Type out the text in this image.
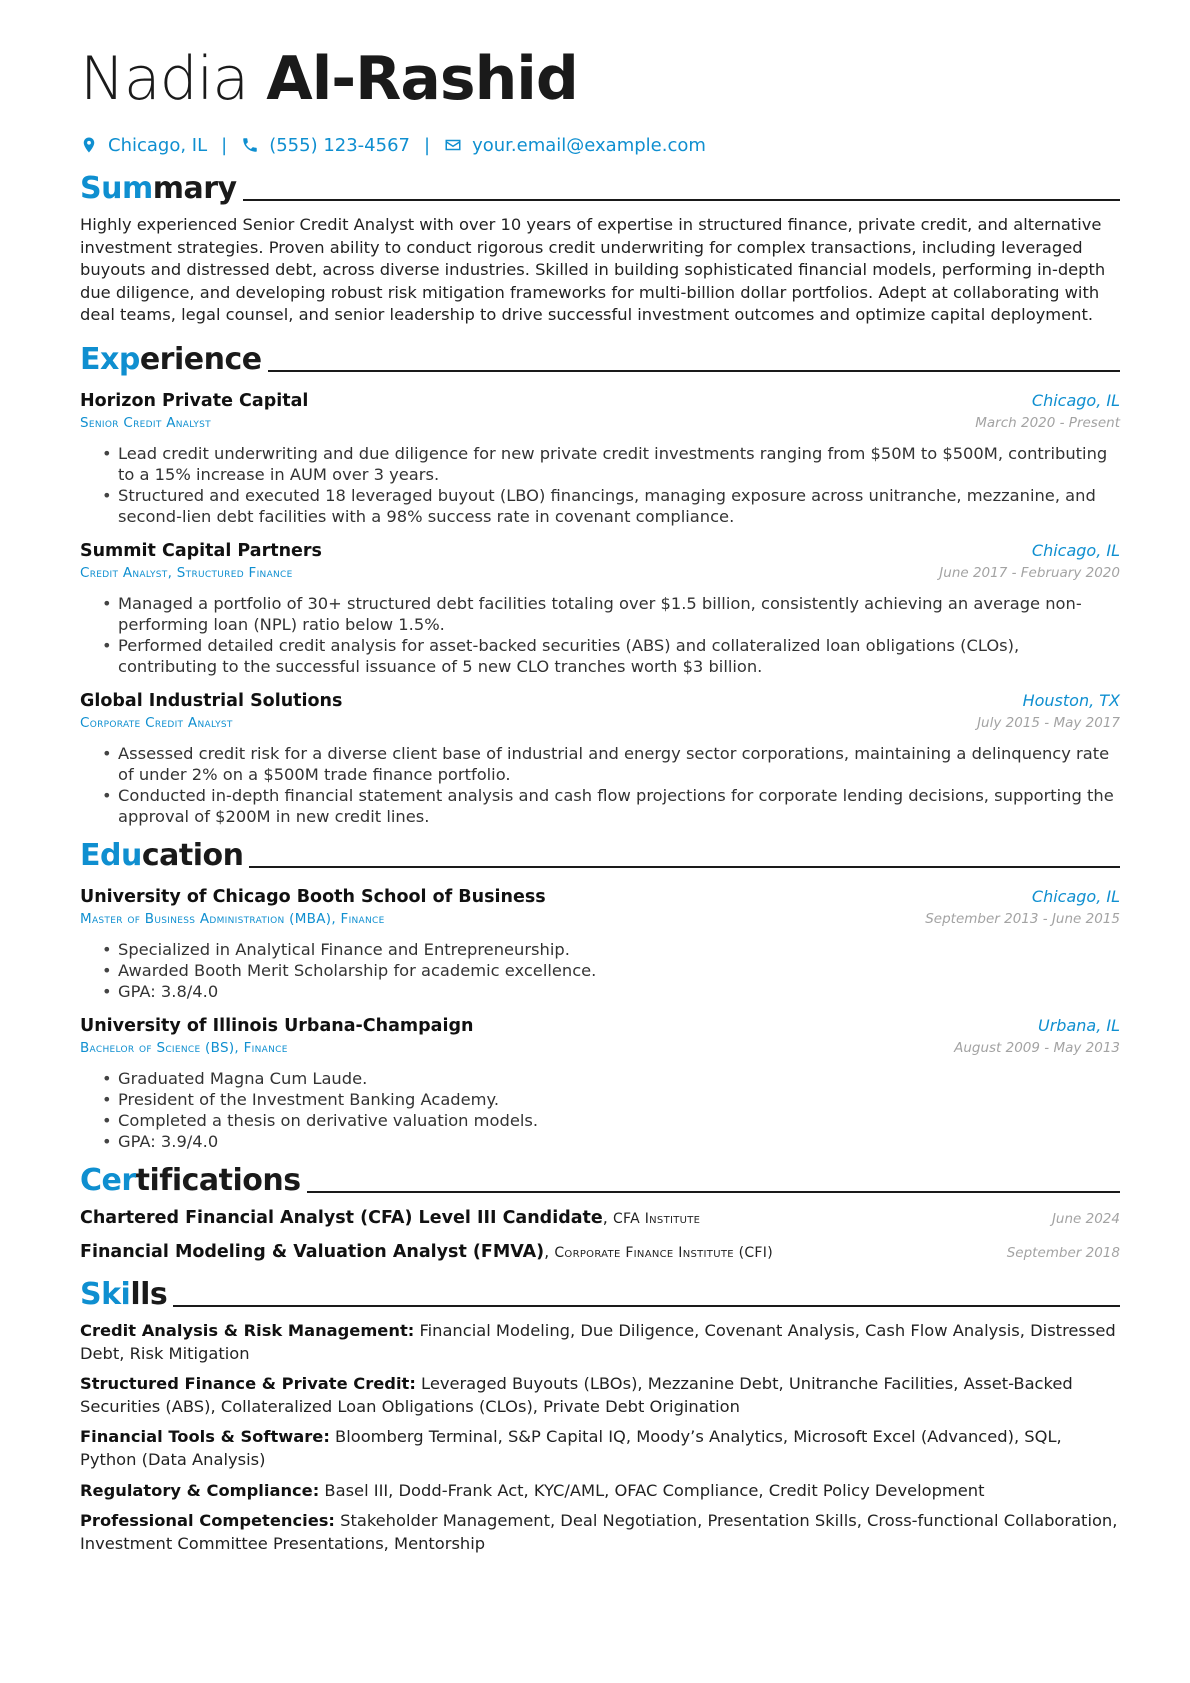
Nadia Al-Rashid
Chicago, IL | (555) 123-4567 | your.email@example.com
Summary

Highly experienced Senior Credit Analyst with over 10 years of expertise in structured finance, private credit, and alternative investment strategies. Proven ability to conduct rigorous credit underwriting for complex transactions, including leveraged buyouts and distressed debt, across diverse industries. Skilled in building sophisticated financial models, performing in-depth due diligence, and developing robust risk mitigation frameworks for multi-billion dollar portfolios. Adept at collaborating with deal teams, legal counsel, and senior leadership to drive successful investment outcomes and optimize capital deployment.

Experience
Horizon Private Capital	Chicago, IL
Senior Credit Analyst	March 2020 - Present
• Lead credit underwriting and due diligence for new private credit investments ranging from $50M to $500M, contributing to a 15% increase in AUM over 3 years.
• Structured and executed 18 leveraged buyout (LBO) financings, managing exposure across unitranche, mezzanine, and second-lien debt facilities with a 98% success rate in covenant compliance.
Summit Capital Partners	Chicago, IL
Credit Analyst, Structured Finance	June 2017 - February 2020
• Managed a portfolio of 30+ structured debt facilities totaling over $1.5 billion, consistently achieving an average non-performing loan (NPL) ratio below 1.5%.
• Performed detailed credit analysis for asset-backed securities (ABS) and collateralized loan obligations (CLOs), contributing to the successful issuance of 5 new CLO tranches worth $3 billion.
Global Industrial Solutions	Houston, TX
Corporate Credit Analyst	July 2015 - May 2017
• Assessed credit risk for a diverse client base of industrial and energy sector corporations, maintaining a delinquency rate of under 2% on a $500M trade finance portfolio.
• Conducted in-depth financial statement analysis and cash flow projections for corporate lending decisions, supporting the approval of $200M in new credit lines.
Education
University of Chicago Booth School of Business	Chicago, IL
Master of Business Administration (MBA), Finance	September 2013 - June 2015
• Specialized in Analytical Finance and Entrepreneurship.
• Awarded Booth Merit Scholarship for academic excellence.
• GPA: 3.8/4.0
University of Illinois Urbana-Champaign	Urbana, IL
Bachelor of Science (BS), Finance	August 2009 - May 2013
• Graduated Magna Cum Laude.
• President of the Investment Banking Academy.
• Completed a thesis on derivative valuation models.
• GPA: 3.9/4.0
Certifications
Chartered Financial Analyst (CFA) Level III Candidate, CFA Institute	June 2024
Financial Modeling & Valuation Analyst (FMVA), Corporate Finance Institute (CFI)	September 2018
Skills

Credit Analysis & Risk Management: Financial Modeling, Due Diligence, Covenant Analysis, Cash Flow Analysis, Distressed Debt, Risk Mitigation

Structured Finance & Private Credit: Leveraged Buyouts (LBOs), Mezzanine Debt, Unitranche Facilities, Asset-Backed Securities (ABS), Collateralized Loan Obligations (CLOs), Private Debt Origination

Financial Tools & Software: Bloomberg Terminal, S&P Capital IQ, Moody’s Analytics, Microsoft Excel (Advanced), SQL, Python (Data Analysis)

Regulatory & Compliance: Basel III, Dodd-Frank Act, KYC/AML, OFAC Compliance, Credit Policy Development

Professional Competencies: Stakeholder Management, Deal Negotiation, Presentation Skills, Cross-functional Collaboration, Investment Committee Presentations, Mentorship
